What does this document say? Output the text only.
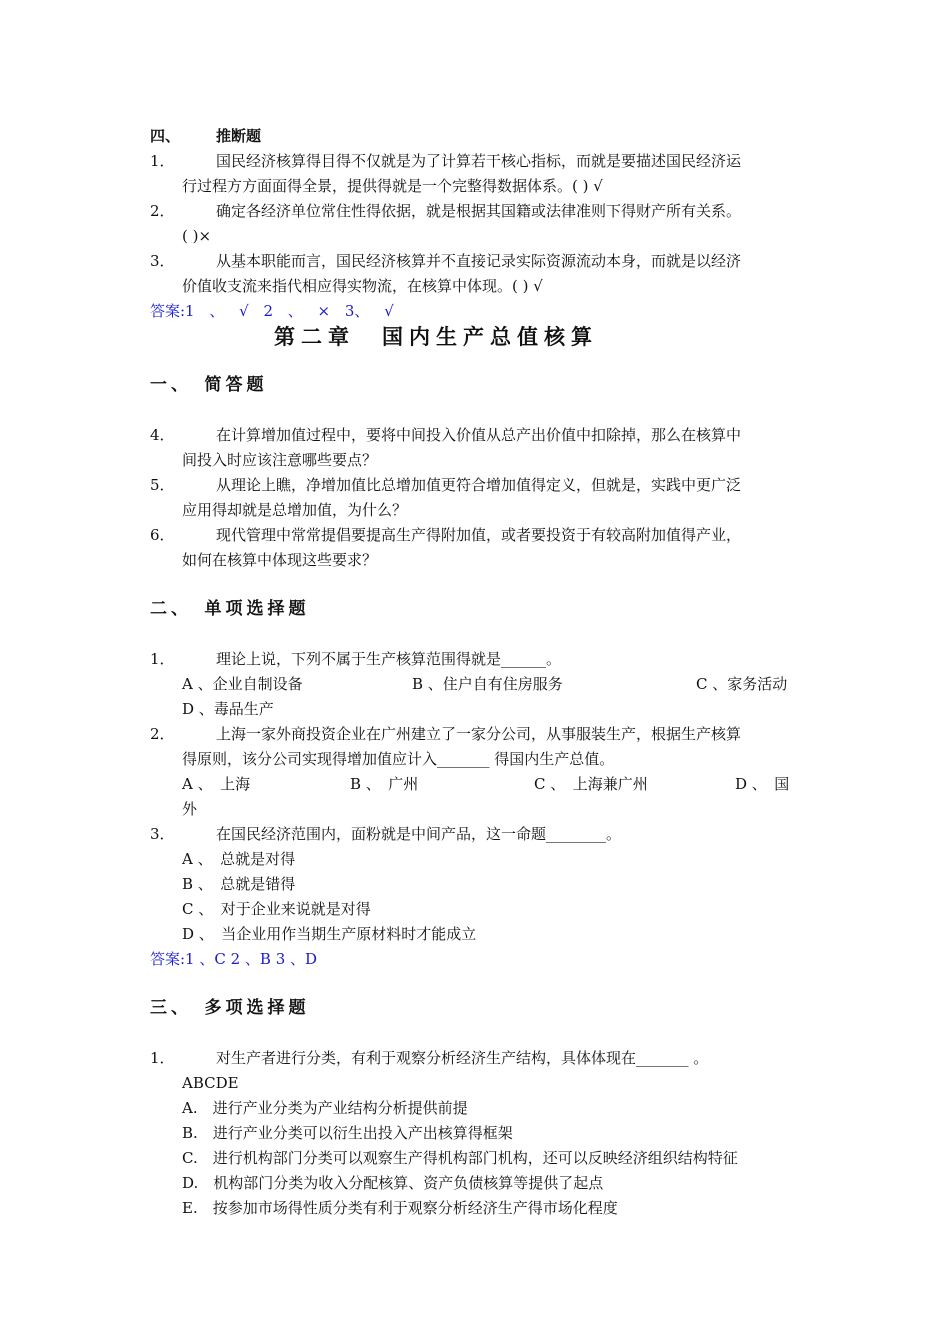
四、 推断题
1．	国民经济核算得目得不仅就是为了计算若干核心指标，而就是要描述国民经济运
行过程方方面面得全景，提供得就是一个完整得数据体系。( ) √
2．	确定各经济单位常住性得依据，就是根据其国籍或法律准则下得财产所有关系。
( )×
3．	从基本职能而言，国民经济核算并不直接记录实际资源流动本身，而就是以经济
价值收支流来指代相应得实物流，在核算中体现。( ) √
答案:1 、 √ 2 、 × 3、 √
第二章　国内生产总值核算
一、　简答题
4．	在计算增加值过程中，要将中间投入价值从总产出价值中扣除掉，那么在核算中
间投入时应该注意哪些要点？
5．	从理论上瞧，净增加值比总增加值更符合增加值得定义，但就是，实践中更广泛
应用得却就是总增加值，为什么？
6．	现代管理中常常提倡要提高生产得附加值，或者要投资于有较高附加值得产业，
如何在核算中体现这些要求？
二、　单项选择题
1．	理论上说，下列不属于生产核算范围得就是______。
A 、企业自制设备	B 、住户自有住房服务	C 、家务活动
D 、毒品生产
2．	上海一家外商投资企业在广州建立了一家分公司，从事服装生产，根据生产核算
得原则，该分公司实现得增加值应计入_______ 得国内生产总值。
A 、　上海	B 、　广州	C 、　上海兼广州	D 、　国
外
3．	在国民经济范围内，面粉就是中间产品，这一命题________。
A 、　总就是对得
B 、　总就是错得
C 、　对于企业来说就是对得
D 、　当企业用作当期生产原材料时才能成立
答案:1 、C 2 、B 3 、D
三、　多项选择题
1．	对生产者进行分类，有利于观察分析经济生产结构，具体体现在_______ 。
ABCDE
A.　进行产业分类为产业结构分析提供前提
B.　进行产业分类可以衍生出投入产出核算得框架
C.　进行机构部门分类可以观察生产得机构部门机构，还可以反映经济组织结构特征
D.　机构部门分类为收入分配核算、资产负债核算等提供了起点
E.　按参加市场得性质分类有利于观察分析经济生产得市场化程度
